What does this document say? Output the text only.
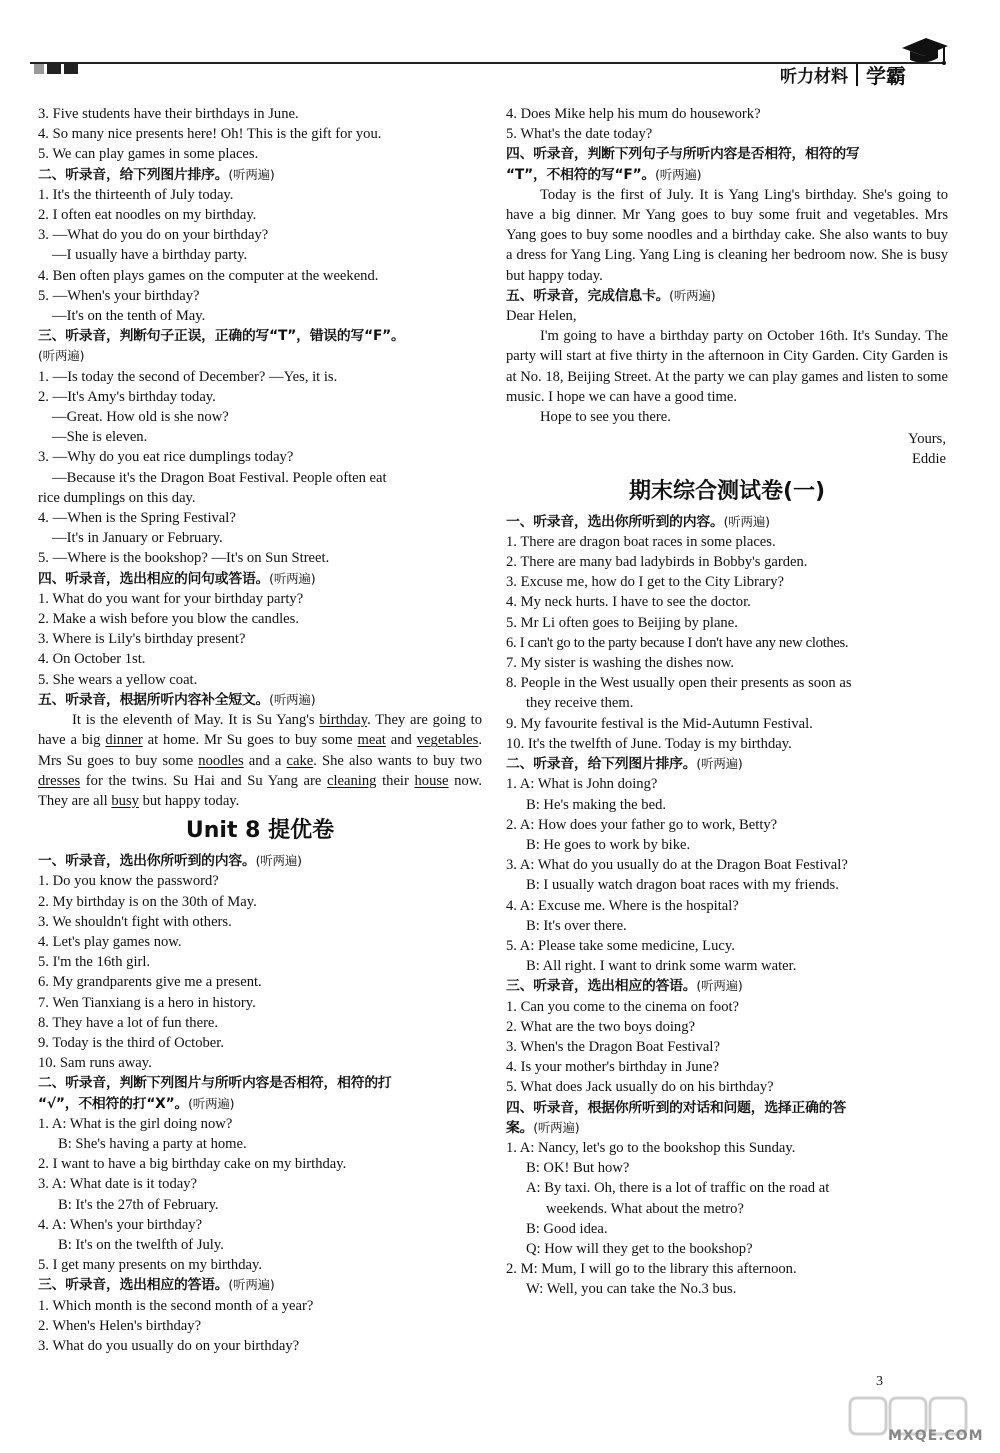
听力材料 学霸
3. Five students have their birthdays in June.
4. So many nice presents here! Oh! This is the gift for you.
5. We can play games in some places.
二、听录音，给下列图片排序。(听两遍)
1. It's the thirteenth of July today.
2. I often eat noodles on my birthday.
3. —What do you do on your birthday?
—I usually have a birthday party.
4. Ben often plays games on the computer at the weekend.
5. —When's your birthday?
—It's on the tenth of May.
三、听录音，判断句子正误，正确的写“T”，错误的写“F”。
(听两遍)
1. —Is today the second of December? —Yes, it is.
2. —It's Amy's birthday today.
—Great. How old is she now?
—She is eleven.
3. —Why do you eat rice dumplings today?
—Because it's the Dragon Boat Festival. People often eat
rice dumplings on this day.
4. —When is the Spring Festival?
—It's in January or February.
5. —Where is the bookshop? —It's on Sun Street.
四、听录音，选出相应的问句或答语。(听两遍)
1. What do you want for your birthday party?
2. Make a wish before you blow the candles.
3. Where is Lily's birthday present?
4. On October 1st.
5. She wears a yellow coat.
五、听录音，根据所听内容补全短文。(听两遍)
It is the eleventh of May. It is Su Yang's birthday. They are going to have a big dinner at home. Mr Su goes to buy some meat and vegetables. Mrs Su goes to buy some noodles and a cake. She also wants to buy two dresses for the twins. Su Hai and Su Yang are cleaning their house now. They are all busy but happy today.
Unit 8 提优卷
一、听录音，选出你所听到的内容。(听两遍)
1. Do you know the password?
2. My birthday is on the 30th of May.
3. We shouldn't fight with others.
4. Let's play games now.
5. I'm the 16th girl.
6. My grandparents give me a present.
7. Wen Tianxiang is a hero in history.
8. They have a lot of fun there.
9. Today is the third of October.
10. Sam runs away.
二、听录音，判断下列图片与所听内容是否相符，相符的打
“√”，不相符的打“X”。(听两遍)
1. A: What is the girl doing now?
B: She's having a party at home.
2. I want to have a big birthday cake on my birthday.
3. A: What date is it today?
B: It's the 27th of February.
4. A: When's your birthday?
B: It's on the twelfth of July.
5. I get many presents on my birthday.
三、听录音，选出相应的答语。(听两遍)
1. Which month is the second month of a year?
2. When's Helen's birthday?
3. What do you usually do on your birthday?
4. Does Mike help his mum do housework?
5. What's the date today?
四、听录音，判断下列句子与所听内容是否相符，相符的写
“T”，不相符的写“F”。(听两遍)
Today is the first of July. It is Yang Ling's birthday. She's going to have a big dinner. Mr Yang goes to buy some fruit and vegetables. Mrs Yang goes to buy some noodles and a birthday cake. She also wants to buy a dress for Yang Ling. Yang Ling is cleaning her bedroom now. She is busy but happy today.
五、听录音，完成信息卡。(听两遍)
Dear Helen,
I'm going to have a birthday party on October 16th. It's Sunday. The party will start at five thirty in the afternoon in City Garden. City Garden is at No. 18, Beijing Street. At the party we can play games and listen to some music. I hope we can have a good time.
Hope to see you there.
Yours,
Eddie
期末综合测试卷(一)
一、听录音，选出你所听到的内容。(听两遍)
1. There are dragon boat races in some places.
2. There are many bad ladybirds in Bobby's garden.
3. Excuse me, how do I get to the City Library?
4. My neck hurts. I have to see the doctor.
5. Mr Li often goes to Beijing by plane.
6. I can't go to the party because I don't have any new clothes.
7. My sister is washing the dishes now.
8. People in the West usually open their presents as soon as
they receive them.
9. My favourite festival is the Mid-Autumn Festival.
10. It's the twelfth of June. Today is my birthday.
二、听录音，给下列图片排序。(听两遍)
1. A: What is John doing?
B: He's making the bed.
2. A: How does your father go to work, Betty?
B: He goes to work by bike.
3. A: What do you usually do at the Dragon Boat Festival?
B: I usually watch dragon boat races with my friends.
4. A: Excuse me. Where is the hospital?
B: It's over there.
5. A: Please take some medicine, Lucy.
B: All right. I want to drink some warm water.
三、听录音，选出相应的答语。(听两遍)
1. Can you come to the cinema on foot?
2. What are the two boys doing?
3. When's the Dragon Boat Festival?
4. Is your mother's birthday in June?
5. What does Jack usually do on his birthday?
四、听录音，根据你所听到的对话和问题，选择正确的答
案。(听两遍)
1. A: Nancy, let's go to the bookshop this Sunday.
B: OK! But how?
A: By taxi. Oh, there is a lot of traffic on the road at
weekends. What about the metro?
B: Good idea.
Q: How will they get to the bookshop?
2. M: Mum, I will go to the library this afternoon.
W: Well, you can take the No.3 bus.
3
MXQE.COM
